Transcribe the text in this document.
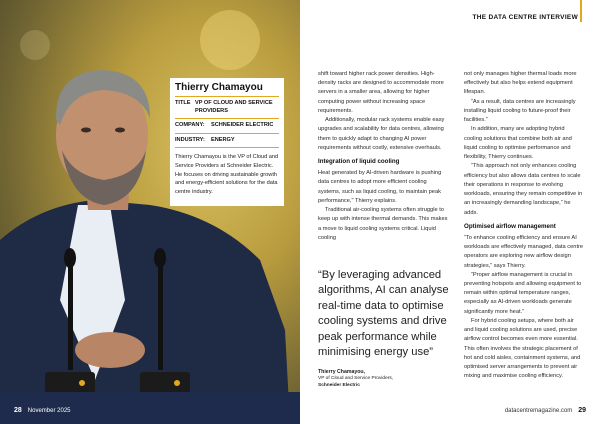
28 November 2025
Thierry Chamayou
TITLE VP OF CLOUD AND SERVICE PROVIDERS
COMPANY:	SCHNEIDER ELECTRIC
INDUSTRY:	ENERGY
Thierry Chamayou is the VP of Cloud and Service Providers at Schneider Electric. He focuses on driving sustainable growth and energy-efficient solutions for the data centre industry.
THE DATA CENTRE INTERVIEW

shift toward higher rack power densities. High-density racks are designed to accommodate more servers in a smaller area, allowing for higher computing power without increasing space requirements.

Additionally, modular rack systems enable easy upgrades and scalability for data centres, allowing them to quickly adapt to changing AI power requirements without costly, extensive overhauls.

Integration of liquid cooling

Heat generated by AI-driven hardware is pushing data centres to adopt more efficient cooling systems, such as liquid cooling, to maintain peak performance," Thierry explains.

Traditional air-cooling systems often struggle to keep up with intense thermal demands. This makes a move to liquid cooling systems critical. Liquid cooling

“By leveraging advanced algorithms, AI can analyse real-time data to optimise cooling systems and drive peak performance while minimising energy use”

Thierry Chamayou,
VP of Cloud and Service Providers,
Schneider Electric

not only manages higher thermal loads more effectively but also helps extend equipment lifespan.

“As a result, data centres are increasingly installing liquid cooling to future-proof their facilities.”

In addition, many are adopting hybrid cooling solutions that combine both air and liquid cooling to optimise performance and flexibility, Thierry continues.

“This approach not only enhances cooling efficiency but also allows data centres to scale their operations in response to evolving workloads, ensuring they remain competitive in an increasingly demanding landscape,” he adds.

Optimised airflow management

“To enhance cooling efficiency and ensure AI workloads are effectively managed, data centre operators are exploring new airflow design strategies,” says Thierry.

“Proper airflow management is crucial in preventing hotspots and allowing equipment to remain within optimal temperature ranges, especially as AI-driven workloads generate significantly more heat.”

For hybrid cooling setups, where both air and liquid cooling solutions are used, precise airflow control becomes even more essential. This often involves the strategic placement of hot and cold aisles, containment systems, and optimised server arrangements to prevent air mixing and maximise cooling efficiency.

datacentremagazine.com 29
